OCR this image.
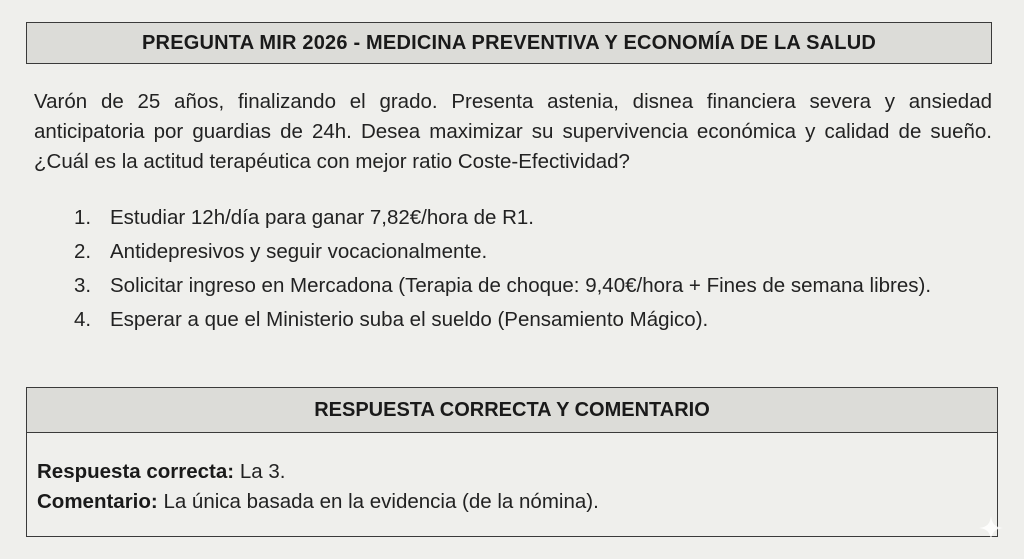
PREGUNTA MIR 2026 - MEDICINA PREVENTIVA Y ECONOMÍA DE LA SALUD
Varón de 25 años, finalizando el grado. Presenta astenia, disnea financiera severa y ansiedad anticipatoria por guardias de 24h. Desea maximizar su supervivencia económica y calidad de sueño. ¿Cuál es la actitud terapéutica con mejor ratio Coste-Efectividad?
1. Estudiar 12h/día para ganar 7,82€/hora de R1.
2. Antidepresivos y seguir vocacionalmente.
3. Solicitar ingreso en Mercadona (Terapia de choque: 9,40€/hora + Fines de semana libres).
4. Esperar a que el Ministerio suba el sueldo (Pensamiento Mágico).
RESPUESTA CORRECTA Y COMENTARIO
Respuesta correcta: La 3.
Comentario: La única basada en la evidencia (de la nómina).
